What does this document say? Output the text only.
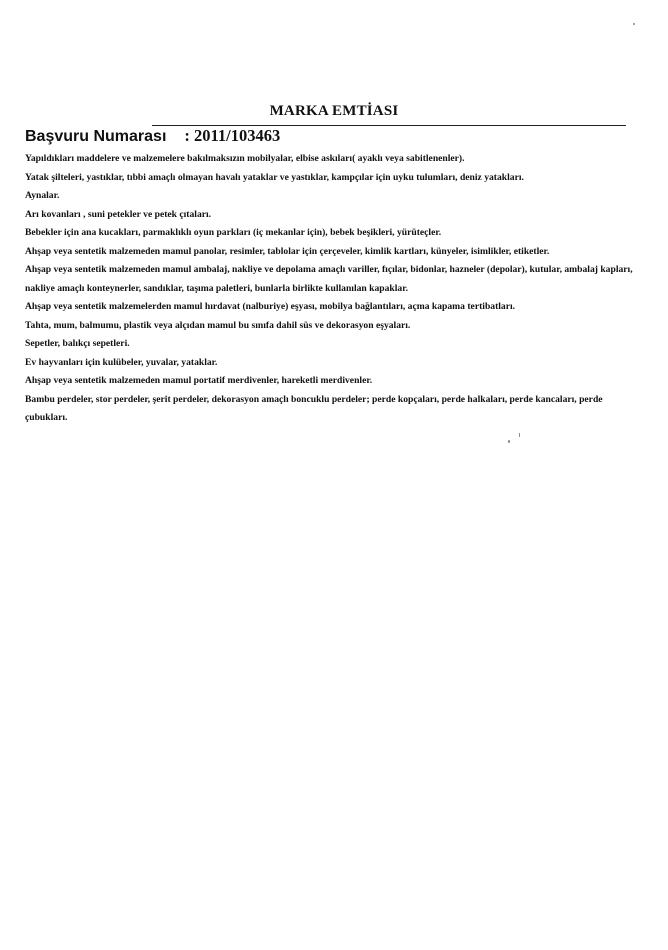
MARKA EMTİASI
Başvuru Numarası : 2011/103463
Yapıldıkları maddelere ve malzemelere bakılmaksızın mobilyalar, elbise askıları( ayaklı veya sabitlenenler).
Yatak şilteleri, yastıklar, tıbbi amaçlı olmayan havalı yataklar ve yastıklar, kampçılar için uyku tulumları, deniz yatakları.
Aynalar.
Arı kovanları , suni petekler ve petek çıtaları.
Bebekler için ana kucakları, parmaklıklı oyun parkları (iç mekanlar için), bebek beşikleri, yürüteçler.
Ahşap veya sentetik malzemeden mamul panolar, resimler, tablolar için çerçeveler, kimlik kartları, künyeler, isimlikler, etiketler.
Ahşap veya sentetik malzemeden mamul ambalaj, nakliye ve depolama amaçlı variller, fıçılar, bidonlar, hazneler (depolar), kutular, ambalaj kapları, nakliye amaçlı konteynerler, sandıklar, taşıma paletleri, bunlarla birlikte kullanılan kapaklar.
Ahşap veya sentetik malzemelerden mamul hırdavat (nalburiye) eşyası, mobilya bağlantıları, açma kapama tertibatları.
Tahta, mum, balmumu, plastik veya alçıdan mamul bu sınıfa dahil süs ve dekorasyon eşyaları.
Sepetler, balıkçı sepetleri.
Ev hayvanları için kulübeler, yuvalar, yataklar.
Ahşap veya sentetik malzemeden mamul portatif merdivenler, hareketli merdivenler.
Bambu perdeler, stor perdeler, şerit perdeler, dekorasyon amaçlı boncuklu perdeler; perde kopçaları, perde halkaları, perde kancaları, perde çubukları.
